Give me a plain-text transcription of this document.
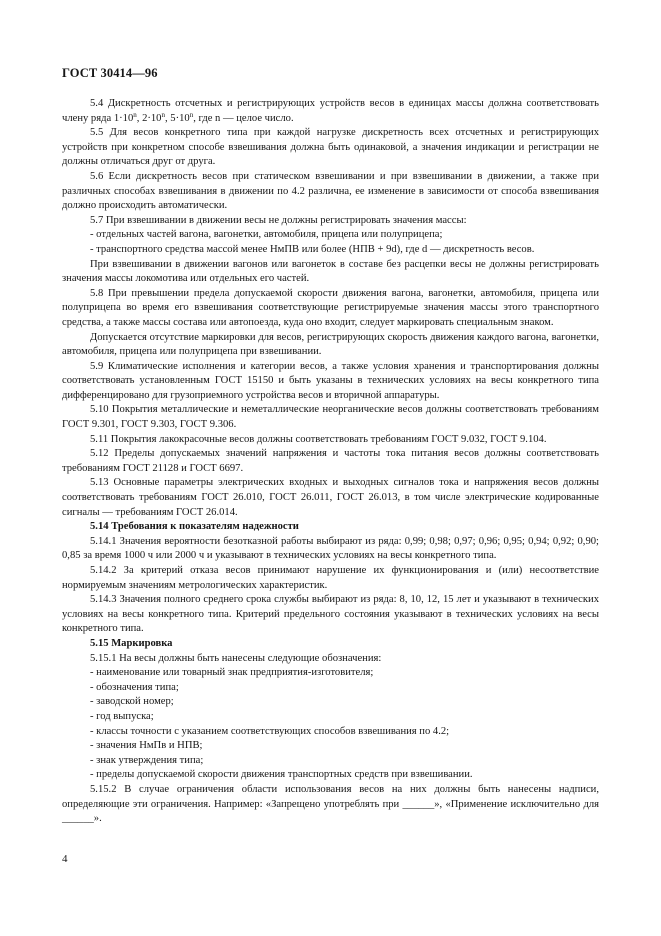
ГОСТ 30414—96

5.4 Дискретность отсчетных и регистрирующих устройств весов в единицах массы должна соответствовать члену ряда $1\cdot 10^n$, $2\cdot 10^n$, $5\cdot 10^n$, где n — целое число.

5.5 Для весов конкретного типа при каждой нагрузке дискретность всех отсчетных и регистрирующих устройств при конкретном способе взвешивания должна быть одинаковой, а значения индикации и регистрации не должны отличаться друг от друга.

5.6 Если дискретность весов при статическом взвешивании и при взвешивании в движении, а также при различных способах взвешивания в движении по 4.2 различна, ее изменение в зависимости от способа взвешивания должно происходить автоматически.

5.7 При взвешивании в движении весы не должны регистрировать значения массы:

- отдельных частей вагона, вагонетки, автомобиля, прицепа или полуприцепа;

- транспортного средства массой менее НмПВ или более (НПВ + 9d), где d — дискретность весов.

При взвешивании в движении вагонов или вагонеток в составе без расцепки весы не должны регистрировать значения массы локомотива или отдельных его частей.

5.8 При превышении предела допускаемой скорости движения вагона, вагонетки, автомобиля, прицепа или полуприцепа во время его взвешивания соответствующие регистрируемые значения массы этого транспортного средства, а также массы состава или автопоезда, куда оно входит, следует маркировать специальным знаком.

Допускается отсутствие маркировки для весов, регистрирующих скорость движения каждого вагона, вагонетки, автомобиля, прицепа или полуприцепа при взвешивании.

5.9 Климатические исполнения и категории весов, а также условия хранения и транспортирования должны соответствовать установленным ГОСТ 15150 и быть указаны в технических условиях на весы конкретного типа дифференцировано для грузоприемного устройства весов и вторичной аппаратуры.

5.10 Покрытия металлические и неметаллические неорганические весов должны соответствовать требованиям ГОСТ 9.301, ГОСТ 9.303, ГОСТ 9.306.

5.11 Покрытия лакокрасочные весов должны соответствовать требованиям ГОСТ 9.032, ГОСТ 9.104.

5.12 Пределы допускаемых значений напряжения и частоты тока питания весов должны соответствовать требованиям ГОСТ 21128 и ГОСТ 6697.

5.13 Основные параметры электрических входных и выходных сигналов тока и напряжения весов должны соответствовать требованиям ГОСТ 26.010, ГОСТ 26.011, ГОСТ 26.013, в том числе электрические кодированные сигналы — требованиям ГОСТ 26.014.

5.14 Требования к показателям надежности

5.14.1 Значения вероятности безотказной работы выбирают из ряда: 0,99; 0,98; 0,97; 0,96; 0,95; 0,94; 0,92; 0,90; 0,85 за время 1000 ч или 2000 ч и указывают в технических условиях на весы конкретного типа.

5.14.2 За критерий отказа весов принимают нарушение их функционирования и (или) несоответствие нормируемым значениям метрологических характеристик.

5.14.3 Значения полного среднего срока службы выбирают из ряда: 8, 10, 12, 15 лет и указывают в технических условиях на весы конкретного типа. Критерий предельного состояния указывают в технических условиях на весы конкретного типа.

5.15 Маркировка

5.15.1 На весы должны быть нанесены следующие обозначения:

- наименование или товарный знак предприятия-изготовителя;

- обозначения типа;

- заводской номер;

- год выпуска;

- классы точности с указанием соответствующих способов взвешивания по 4.2;

- значения НмПв и НПВ;

- знак утверждения типа;

- пределы допускаемой скорости движения транспортных средств при взвешивании.

5.15.2 В случае ограничения области использования весов на них должны быть нанесены надписи, определяющие эти ограничения. Например: «Запрещено употреблять при ______», «Применение исключительно для ______».

4
